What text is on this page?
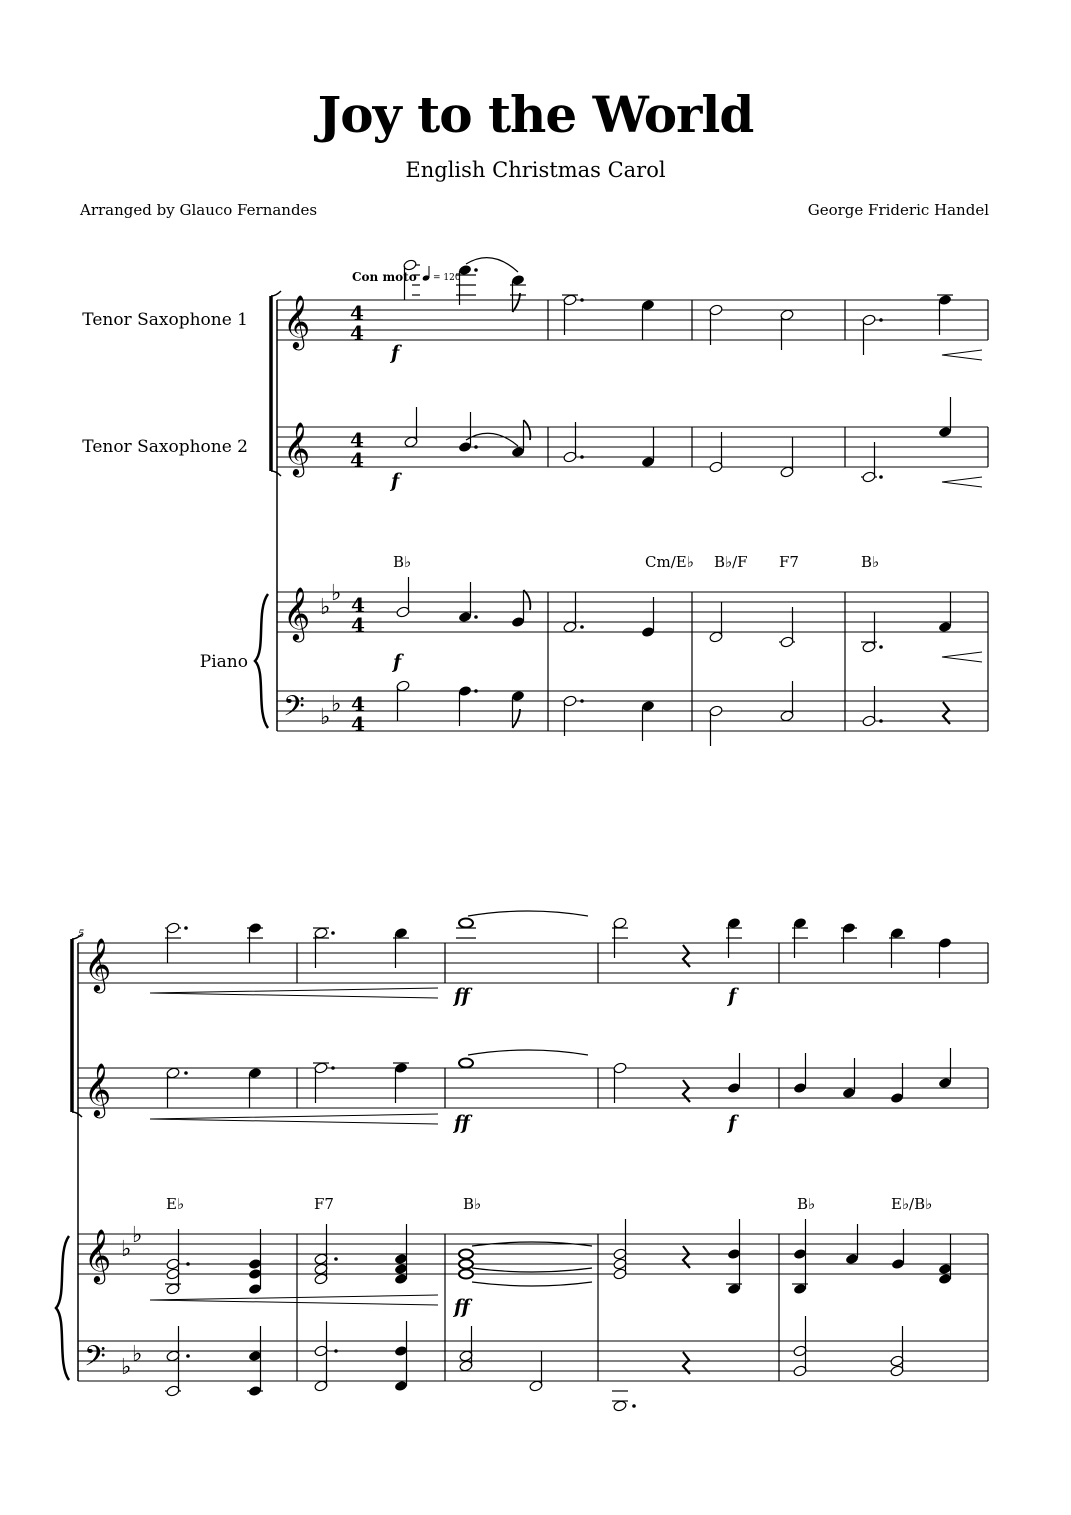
Joy to the World
English Christmas Carol
Arranged by Glauco Fernandes	George Frideric Handel
Tenor Saxophone 1
Tenor Saxophone 2
Piano
𝄞
𝄞
𝄞
𝄢
♭
♭
♭
♭
4
4
4
4
4
4
4
4
Con moto = 120
B♭	Cm/E♭ B♭/F F7	B♭
f
f
f
5
𝄞
𝄞
𝄞
𝄢
♭
♭
♭
♭
E♭	F7	B♭	B♭	E♭/B♭
ff	f
ff	f
ff
